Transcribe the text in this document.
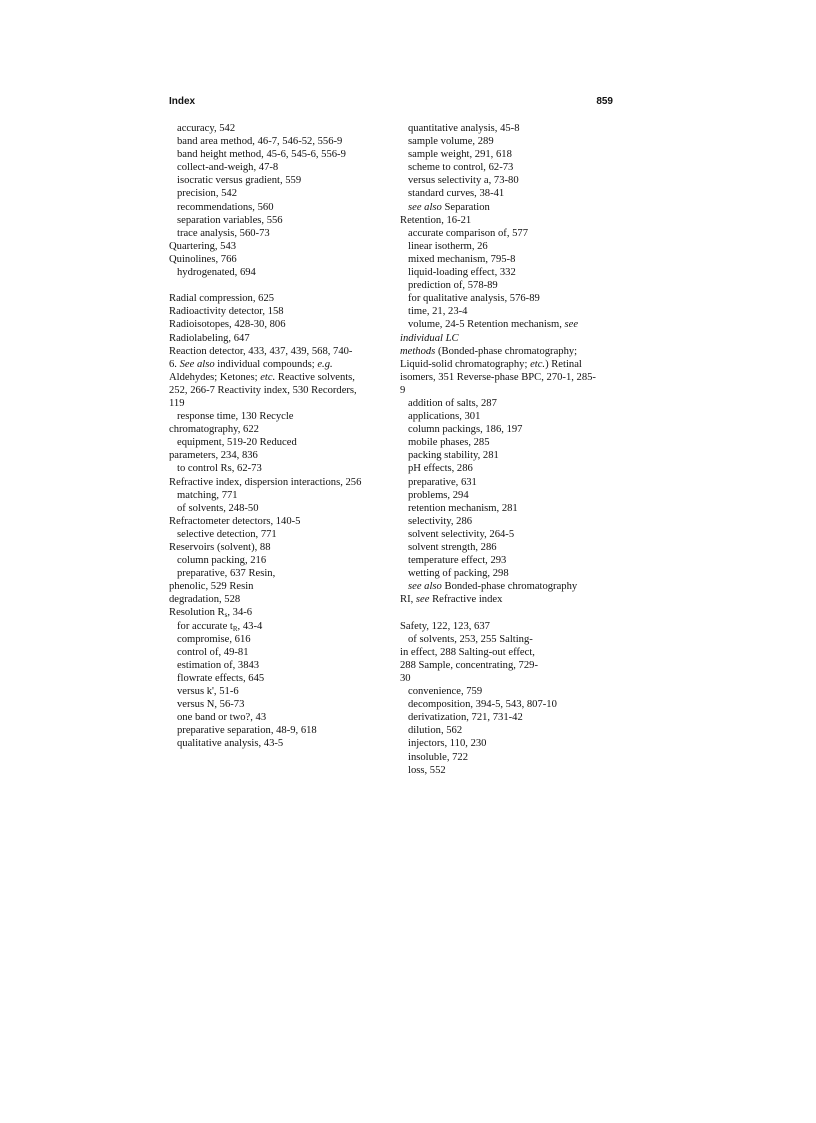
Index	859
accuracy, 542
band area method, 46-7, 546-52, 556-9
band height method, 45-6, 545-6, 556-9
collect-and-weigh, 47-8
isocratic versus gradient, 559
precision, 542
recommendations, 560
separation variables, 556
trace analysis, 560-73
Quartering, 543
Quinolines, 766
hydrogenated, 694
Radial compression, 625
Radioactivity detector, 158
Radioisotopes, 428-30, 806
Radiolabeling, 647
Reaction detector, 433, 437, 439, 568, 740-
6. See also individual compounds; e.g.
Aldehydes; Ketones; etc. Reactive solvents,
252, 266-7 Reactivity index, 530 Recorders,
119
response time, 130 Recycle
chromatography, 622
equipment, 519-20 Reduced
parameters, 234, 836
to control Rs, 62-73
Refractive index, dispersion interactions, 256
matching, 771
of solvents, 248-50
Refractometer detectors, 140-5
selective detection, 771
Reservoirs (solvent), 88
column packing, 216
preparative, 637 Resin,
phenolic, 529 Resin
degradation, 528
Resolution $R_s$, 34-6
for accurate $t_R$, 43-4
compromise, 616
control of, 49-81
estimation of, 3843
flowrate effects, 645
versus k', 51-6
versus N, 56-73
one band or two?, 43
preparative separation, 48-9, 618
qualitative analysis, 43-5
quantitative analysis, 45-8
sample volume, 289
sample weight, 291, 618
scheme to control, 62-73
versus selectivity a, 73-80
standard curves, 38-41
see also Separation
Retention, 16-21
accurate comparison of, 577
linear isotherm, 26
mixed mechanism, 795-8
liquid-loading effect, 332
prediction of, 578-89
for qualitative analysis, 576-89
time, 21, 23-4
volume, 24-5 Retention mechanism, see
individual LC
methods (Bonded-phase chromatography;
Liquid-solid chromatography; etc.) Retinal
isomers, 351 Reverse-phase BPC, 270-1, 285-
9
addition of salts, 287
applications, 301
column packings, 186, 197
mobile phases, 285
packing stability, 281
pH effects, 286
preparative, 631
problems, 294
retention mechanism, 281
selectivity, 286
solvent selectivity, 264-5
solvent strength, 286
temperature effect, 293
wetting of packing, 298
see also Bonded-phase chromatography
RI, see Refractive index
Safety, 122, 123, 637
of solvents, 253, 255 Salting-
in effect, 288 Salting-out effect,
288 Sample, concentrating, 729-
30
convenience, 759
decomposition, 394-5, 543, 807-10
derivatization, 721, 731-42
dilution, 562
injectors, 110, 230
insoluble, 722
loss, 552
